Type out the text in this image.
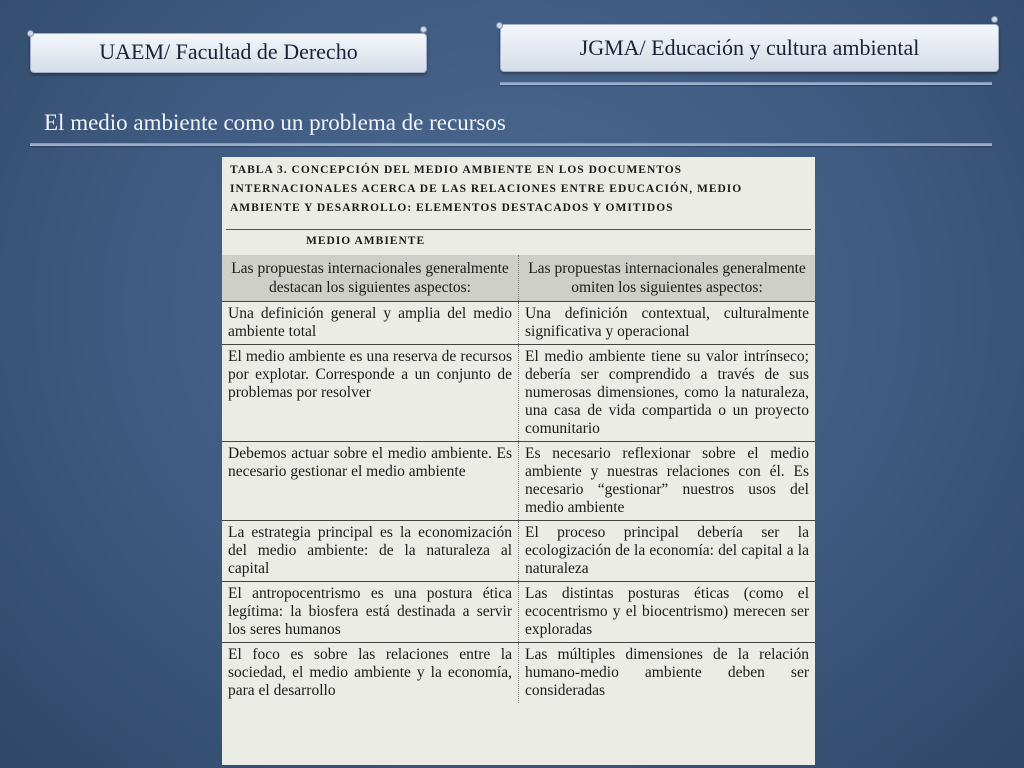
UAEM/ Facultad de Derecho	JGMA/ Educación y cultura ambiental
El medio ambiente como un problema de recursos
TABLA 3. CONCEPCIÓN DEL MEDIO AMBIENTE EN LOS DOCUMENTOS INTERNACIONALES ACERCA DE LAS RELACIONES ENTRE EDUCACIÓN, MEDIO AMBIENTE Y DESARROLLO: ELEMENTOS DESTACADOS Y OMITIDOS
MEDIO AMBIENTE
Las propuestas internacionales generalmente destacan los siguientes aspectos:	Las propuestas internacionales generalmente omiten los siguientes aspectos:
Una definición general y amplia del medio ambiente total	Una definición contextual, culturalmente significativa y operacional
El medio ambiente es una reserva de recursos por explotar. Corresponde a un conjunto de problemas por resolver	El medio ambiente tiene su valor intrínseco; debería ser comprendido a través de sus numerosas dimensiones, como la naturaleza, una casa de vida compartida o un proyecto comunitario
Debemos actuar sobre el medio ambiente. Es necesario gestionar el medio ambiente	Es necesario reflexionar sobre el medio ambiente y nuestras relaciones con él. Es necesario “gestionar” nuestros usos del medio ambiente
La estrategia principal es la economización del medio ambiente: de la naturaleza al capital	El proceso principal debería ser la ecologización de la economía: del capital a la naturaleza
El antropocentrismo es una postura ética legítima: la biosfera está destinada a servir los seres humanos	Las distintas posturas éticas (como el ecocentrismo y el biocentrismo) merecen ser exploradas
El foco es sobre las relaciones entre la sociedad, el medio ambiente y la economía, para el desarrollo	Las múltiples dimensiones de la relación humano-medio ambiente deben ser consideradas
